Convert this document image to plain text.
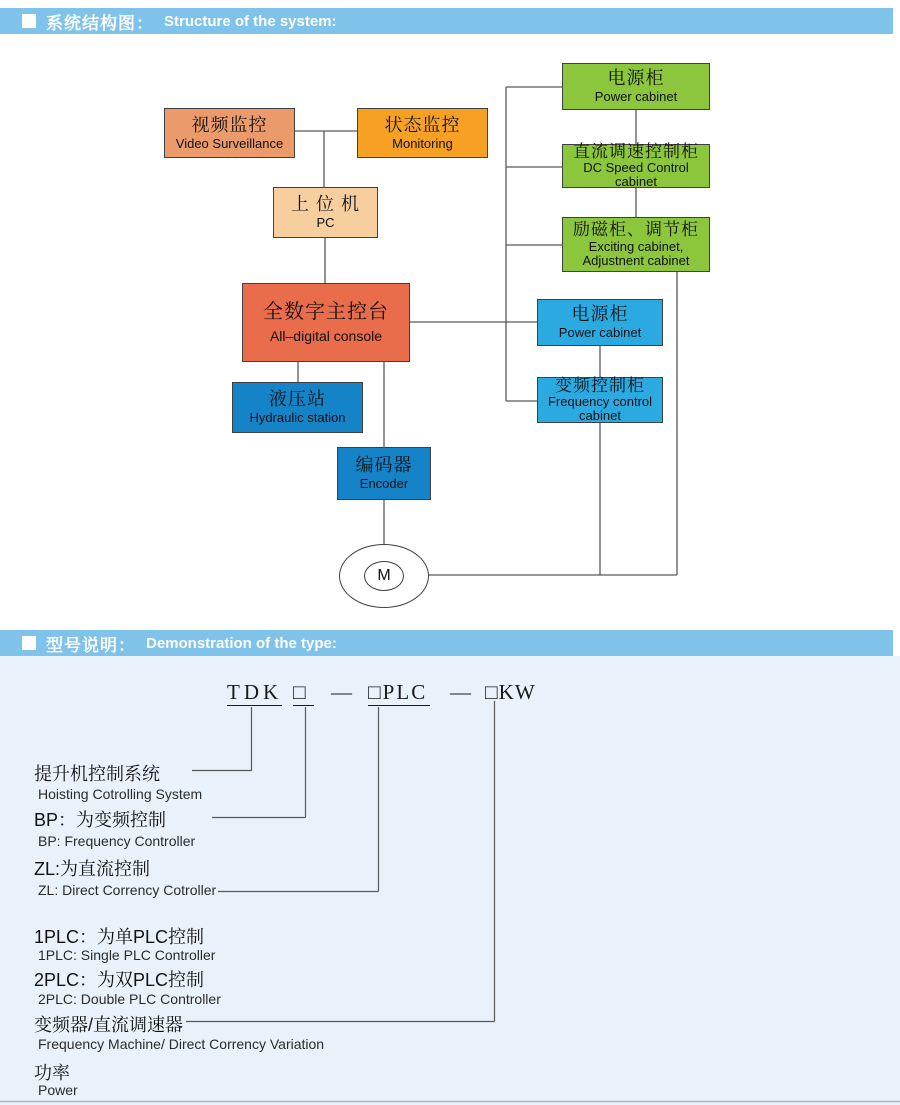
系统结构图： Structure of the system:
视频监控
Video Surveillance
状态监控
Monitoring
上 位 机
PC
全数字主控台
All–digital console
液压站
Hydraulic station
编码器
Encoder
电源柜
Power cabinet
直流调速控制柜
DC Speed Control cabinet
励磁柜、调节柜
Exciting cabinet, Adjustnent cabinet
电源柜
Power cabinet
变频控制柜
Frequency control cabinet
M
型号说明： Demonstration of the type:
TDK □ — □PLC — □KW
提升机控制系统
Hoisting Cotrolling System
BP：为变频控制
BP: Frequency Controller
ZL:为直流控制
ZL: Direct Corrency Cotroller
1PLC：为单PLC控制
1PLC: Single PLC Controller
2PLC：为双PLC控制
2PLC: Double PLC Controller
变频器/直流调速器
Frequency Machine/ Direct Corrency Variation
功率
Power
